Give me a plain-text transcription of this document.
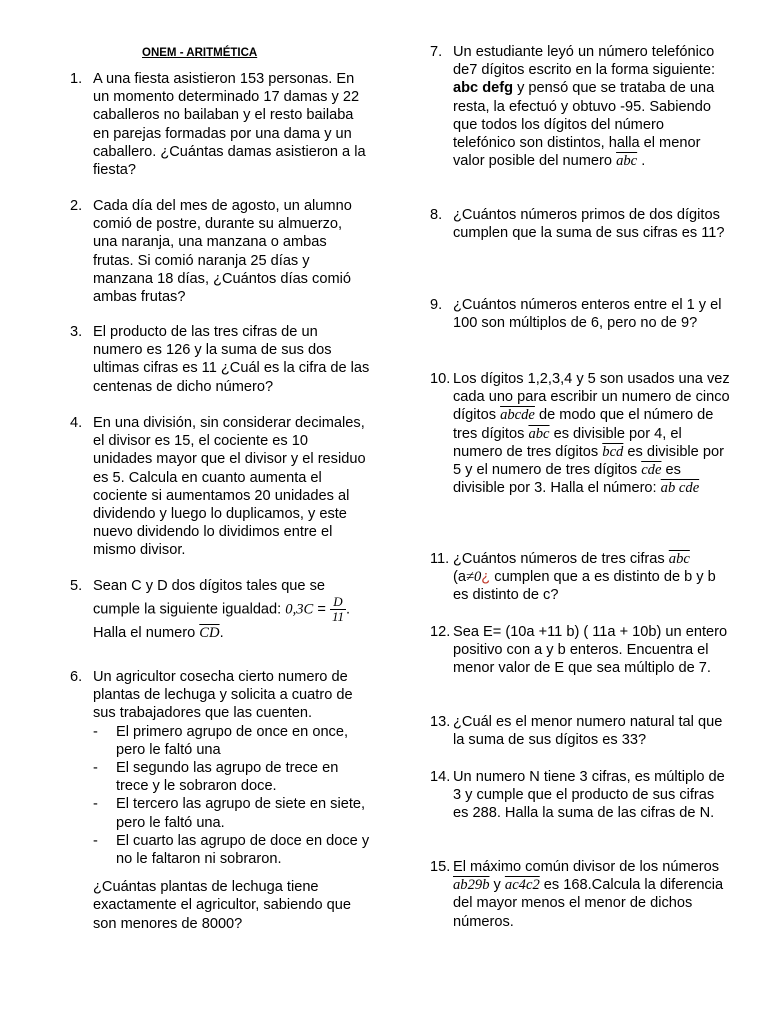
ONEM - ARITMÉTICA
1. A una fiesta asistieron 153 personas. En un momento determinado 17 damas y 22 caballeros no bailaban y el resto bailaba en parejas formadas por una dama y un caballero. ¿Cuántas damas asistieron a la fiesta?
2. Cada día del mes de agosto, un alumno comió de postre, durante su almuerzo, una naranja, una manzana o ambas frutas. Si comió naranja 25 días y manzana 18 días, ¿Cuántos días comió ambas frutas?
3. El producto de las tres cifras de un numero es 126 y la suma de sus dos ultimas cifras es 11 ¿Cuál es la cifra de las centenas de dicho número?
4. En una división, sin considerar decimales, el divisor es 15, el cociente es 10 unidades mayor que el divisor y el residuo es 5. Calcula en cuanto aumenta el cociente si aumentamos 20 unidades al dividendo y luego lo duplicamos, y este nuevo dividendo lo dividimos entre el mismo divisor.
5. Sean C y D dos dígitos tales que se cumple la siguiente igualdad: $0,3C = \frac{D}{11}$ . Halla el numero $\overline{CD}$.
6. Un agricultor cosecha cierto numero de plantas de lechuga y solicita a cuatro de sus trabajadores que las cuenten.
- El primero agrupo de once en once, pero le faltó una
- El segundo las agrupo de trece en trece y le sobraron doce.
- El tercero las agrupo de siete en siete, pero le faltó una.
- El cuarto las agrupo de doce en doce y no le faltaron ni sobraron.
¿Cuántas plantas de lechuga tiene exactamente el agricultor, sabiendo que son menores de 8000?
7. Un estudiante leyó un número telefónico de7 dígitos escrito en la forma siguiente: abc defg y pensó que se trataba de una resta, la efectuó y obtuvo -95. Sabiendo que todos los dígitos del número telefónico son distintos, halla el menor valor posible del numero $\overline{abc}$ .
8. ¿Cuántos números primos de dos dígitos cumplen que la suma de sus cifras es 11?
9. ¿Cuántos números enteros entre el 1 y el 100 son múltiplos de 6, pero no de 9?
10. Los dígitos 1,2,3,4 y 5 son usados una vez cada uno para escribir un numero de cinco dígitos abcde de modo que el número de tres dígitos $\overline{abc}$ es divisible por 4, el numero de tres dígitos $\overline{bcd}$ es divisible por 5 y el numero de tres dígitos $\overline{cde}$ es divisible por 3. Halla el número: ab cde
11. ¿Cuántos números de tres cifras $\overline{abc}$ (a≠0¿ cumplen que a es distinto de b y b es distinto de c?
12. Sea E= (10a +11 b) ( 11a + 10b) un entero positivo con a y b enteros. Encuentra el menor valor de E que sea múltiplo de 7.
13. ¿Cuál es el menor numero natural tal que la suma de sus dígitos es 33?
14. Un numero N tiene 3 cifras, es múltiplo de 3 y cumple que el producto de sus cifras es 288. Halla la suma de las cifras de N.
15. El máximo común divisor de los números ab29b y ac4c2 es 168.Calcula la diferencia del mayor menos el menor de dichos números.
